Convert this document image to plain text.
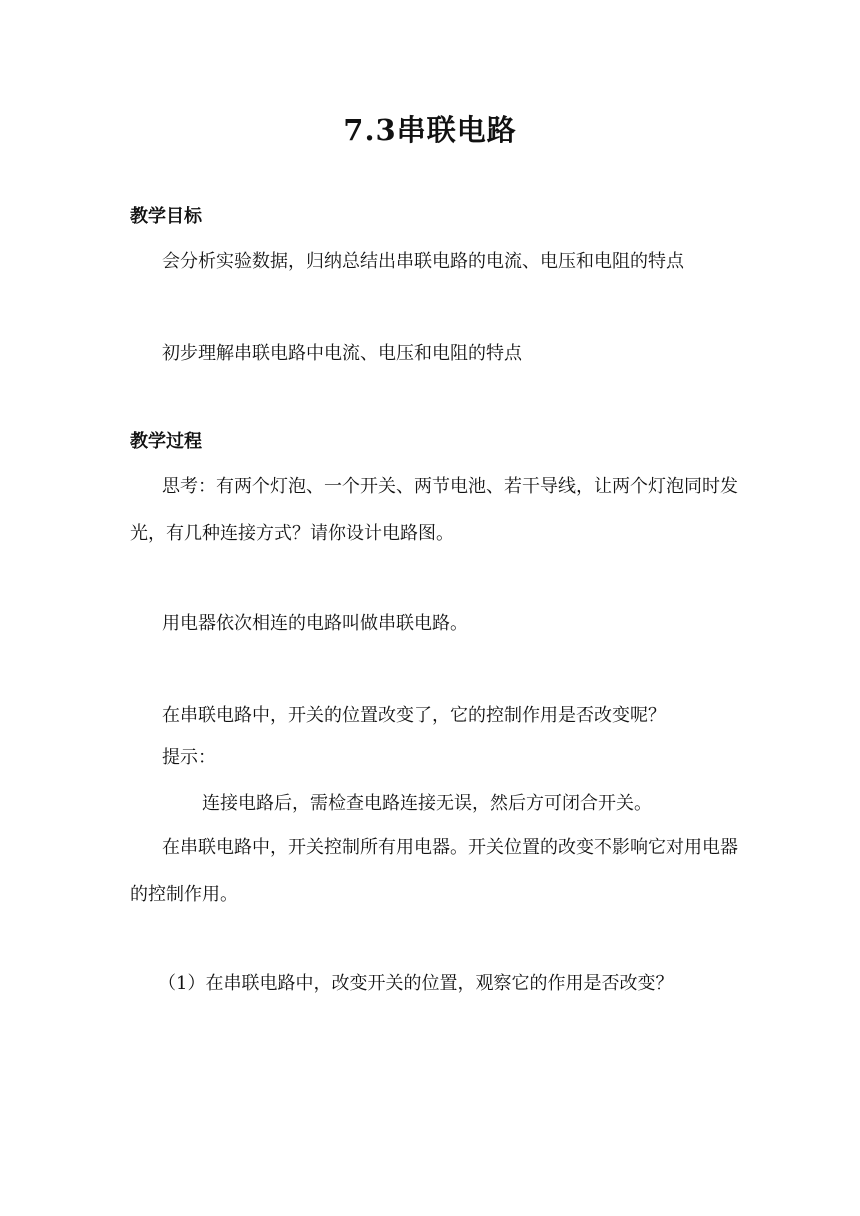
7.3串联电路
教学目标
会分析实验数据，归纳总结出串联电路的电流、电压和电阻的特点
初步理解串联电路中电流、电压和电阻的特点
教学过程
思考：有两个灯泡、一个开关、两节电池、若干导线，让两个灯泡同时发光，有几种连接方式？请你设计电路图。
用电器依次相连的电路叫做串联电路。
在串联电路中，开关的位置改变了，它的控制作用是否改变呢？
提示：
连接电路后，需检查电路连接无误，然后方可闭合开关。
在串联电路中，开关控制所有用电器。开关位置的改变不影响它对用电器的控制作用。
（1）在串联电路中，改变开关的位置，观察它的作用是否改变？
